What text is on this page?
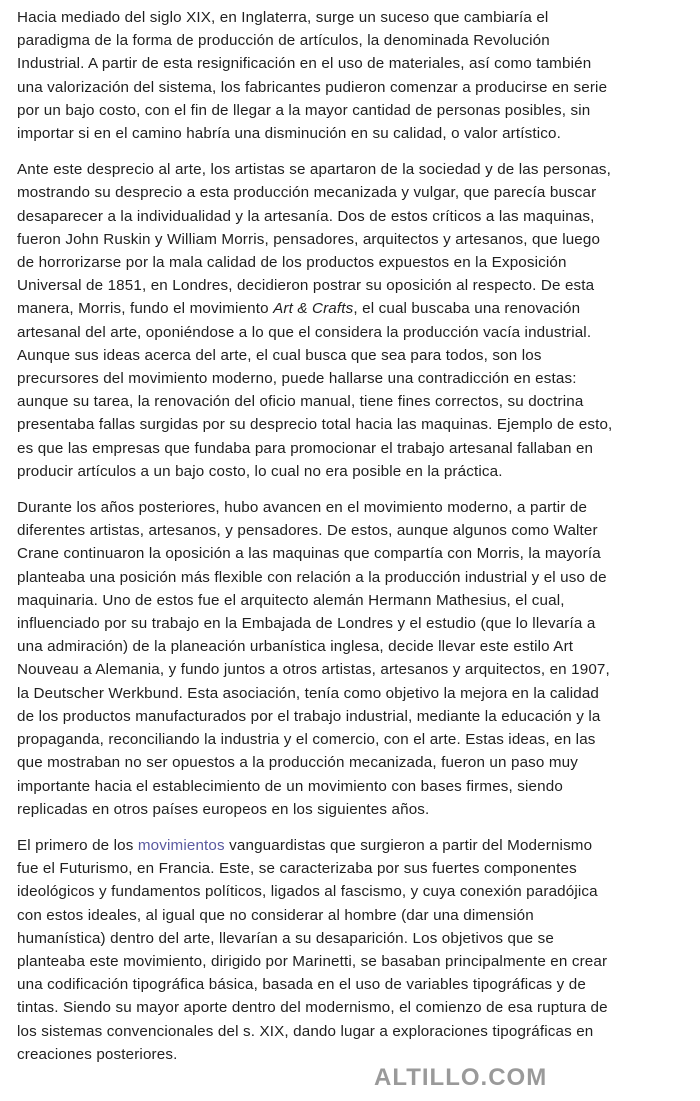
Hacia mediado del siglo XIX, en Inglaterra, surge un suceso que cambiaría el
paradigma de la forma de producción de artículos, la denominada Revolución
Industrial. A partir de esta resignificación en el uso de materiales, así como también
una valorización del sistema, los fabricantes pudieron comenzar a producirse en serie
por un bajo costo, con el fin de llegar a la mayor cantidad de personas posibles, sin
importar si en el camino habría una disminución en su calidad, o valor artístico.

Ante este desprecio al arte, los artistas se apartaron de la sociedad y de las personas,
mostrando su desprecio a esta producción mecanizada y vulgar, que parecía buscar
desaparecer a la individualidad y la artesanía. Dos de estos críticos a las maquinas,
fueron John Ruskin y William Morris, pensadores, arquitectos y artesanos, que luego
de horrorizarse por la mala calidad de los productos expuestos en la Exposición
Universal de 1851, en Londres, decidieron postrar su oposición al respecto. De esta
manera, Morris, fundo el movimiento Art & Crafts, el cual buscaba una renovación
artesanal del arte, oponiéndose a lo que el considera la producción vacía industrial.
Aunque sus ideas acerca del arte, el cual busca que sea para todos, son los
precursores del movimiento moderno, puede hallarse una contradicción en estas:
aunque su tarea, la renovación del oficio manual, tiene fines correctos, su doctrina
presentaba fallas surgidas por su desprecio total hacia las maquinas. Ejemplo de esto,
es que las empresas que fundaba para promocionar el trabajo artesanal fallaban en
producir artículos a un bajo costo, lo cual no era posible en la práctica.

Durante los años posteriores, hubo avancen en el movimiento moderno, a partir de
diferentes artistas, artesanos, y pensadores. De estos, aunque algunos como Walter
Crane continuaron la oposición a las maquinas que compartía con Morris, la mayoría
planteaba una posición más flexible con relación a la producción industrial y el uso de
maquinaria. Uno de estos fue el arquitecto alemán Hermann Mathesius, el cual,
influenciado por su trabajo en la Embajada de Londres y el estudio (que lo llevaría a
una admiración) de la planeación urbanística inglesa, decide llevar este estilo Art
Nouveau a Alemania, y fundo juntos a otros artistas, artesanos y arquitectos, en 1907,
la Deutscher Werkbund. Esta asociación, tenía como objetivo la mejora en la calidad
de los productos manufacturados por el trabajo industrial, mediante la educación y la
propaganda, reconciliando la industria y el comercio, con el arte. Estas ideas, en las
que mostraban no ser opuestos a la producción mecanizada, fueron un paso muy
importante hacia el establecimiento de un movimiento con bases firmes, siendo
replicadas en otros países europeos en los siguientes años.

El primero de los movimientos vanguardistas que surgieron a partir del Modernismo
fue el Futurismo, en Francia. Este, se caracterizaba por sus fuertes componentes
ideológicos y fundamentos políticos, ligados al fascismo, y cuya conexión paradójica
con estos ideales, al igual que no considerar al hombre (dar una dimensión
humanística) dentro del arte, llevarían a su desaparición. Los objetivos que se
planteaba este movimiento, dirigido por Marinetti, se basaban principalmente en crear
una codificación tipográfica básica, basada en el uso de variables tipográficas y de
tintas. Siendo su mayor aporte dentro del modernismo, el comienzo de esa ruptura de
los sistemas convencionales del s. XIX, dando lugar a exploraciones tipográficas en
creaciones posteriores.

ALTILLO.COM
